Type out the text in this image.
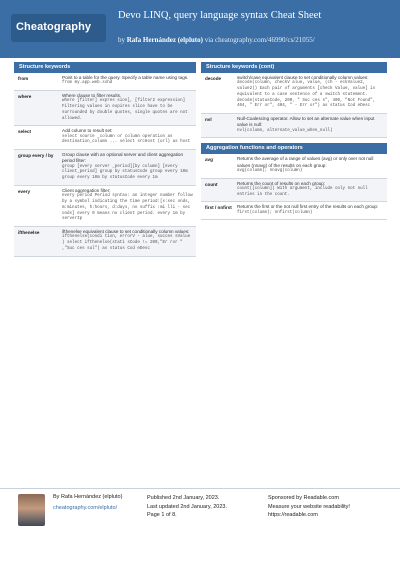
Cheatography
Devo LINQ, query language syntax Cheat Sheet
by Rafa Hernández (elpluto) via cheatography.com/46990/cs/21055/
Structure keywords
from	Point to a table for the query. Specify a table name using tags.
from my.app.web.sshd
where	Where clause to filter results.
where [filter] expres sion], [filter2 expression] Filtering values in expires slice have to be surrounded by double quotes, single quotes are not allowed.
select	Add column to result set:
select source _column or column operation as destination_column ... select srcHost (url) as host
group every / by	Group clause with an optional server and client aggregation period filter:
group [every server _period][by column] [every client_period] group by statusCode group every 10m group every 10m by statusCode every 1m
every	Client aggregation filter:
every period Period syntax: an integer number follow by a symbol indicating the time period:[s:sec onds, m:minutes, h:hours, d:days, no suffix :mi lli - sec onds] every 0 means no client period. every 1m by serverIp
ifthenelse	ifthenelse equivalent clause to set conditionally column values:
ifthenelse(condi tion, errorV - alue, succes sValue ) select ifthenelse(stati sCode != 200,"Er ror " ,"Suc ces sul") as status Cod eDesc
Structure keywords (cont)
decode	switch/case equivalent clause to set conditionally column values:
decode(column, checkV alue, value, (ch - eckValue2, value2)) Each pair of arguments [check Value, value] is equivalent to a case sentence of a switch statement. decode(statusCode, 200, " Suc ces s", 400, "Not Found", 404, " Err or", 404, " - Err or") as status Cod eDesc
nvl	Null-Coalescing operator. Allow to set an alternate value when input value is null:
nvl(column, alternate_value_when_null)
Aggregation functions and operators
avg	Returns the average of a range of values (avg) or only over not null values (nnavg) of the results on each group:
avg(column); nnavg(column)
count	Returns the count of results on each group:
count([column]) With argument, include only not null entries in the count.
first / nnfirst	Returns the first or the not null first entry of the results on each group:
first(column); nnfirst(column)
By Rafa Hernández (elpluto)
cheatography.com/elpluto/
Published 2nd January, 2023.
Last updated 2nd January, 2023.
Page 1 of 8.
Sponsored by Readable.com
Measure your website readability!
https://readable.com
